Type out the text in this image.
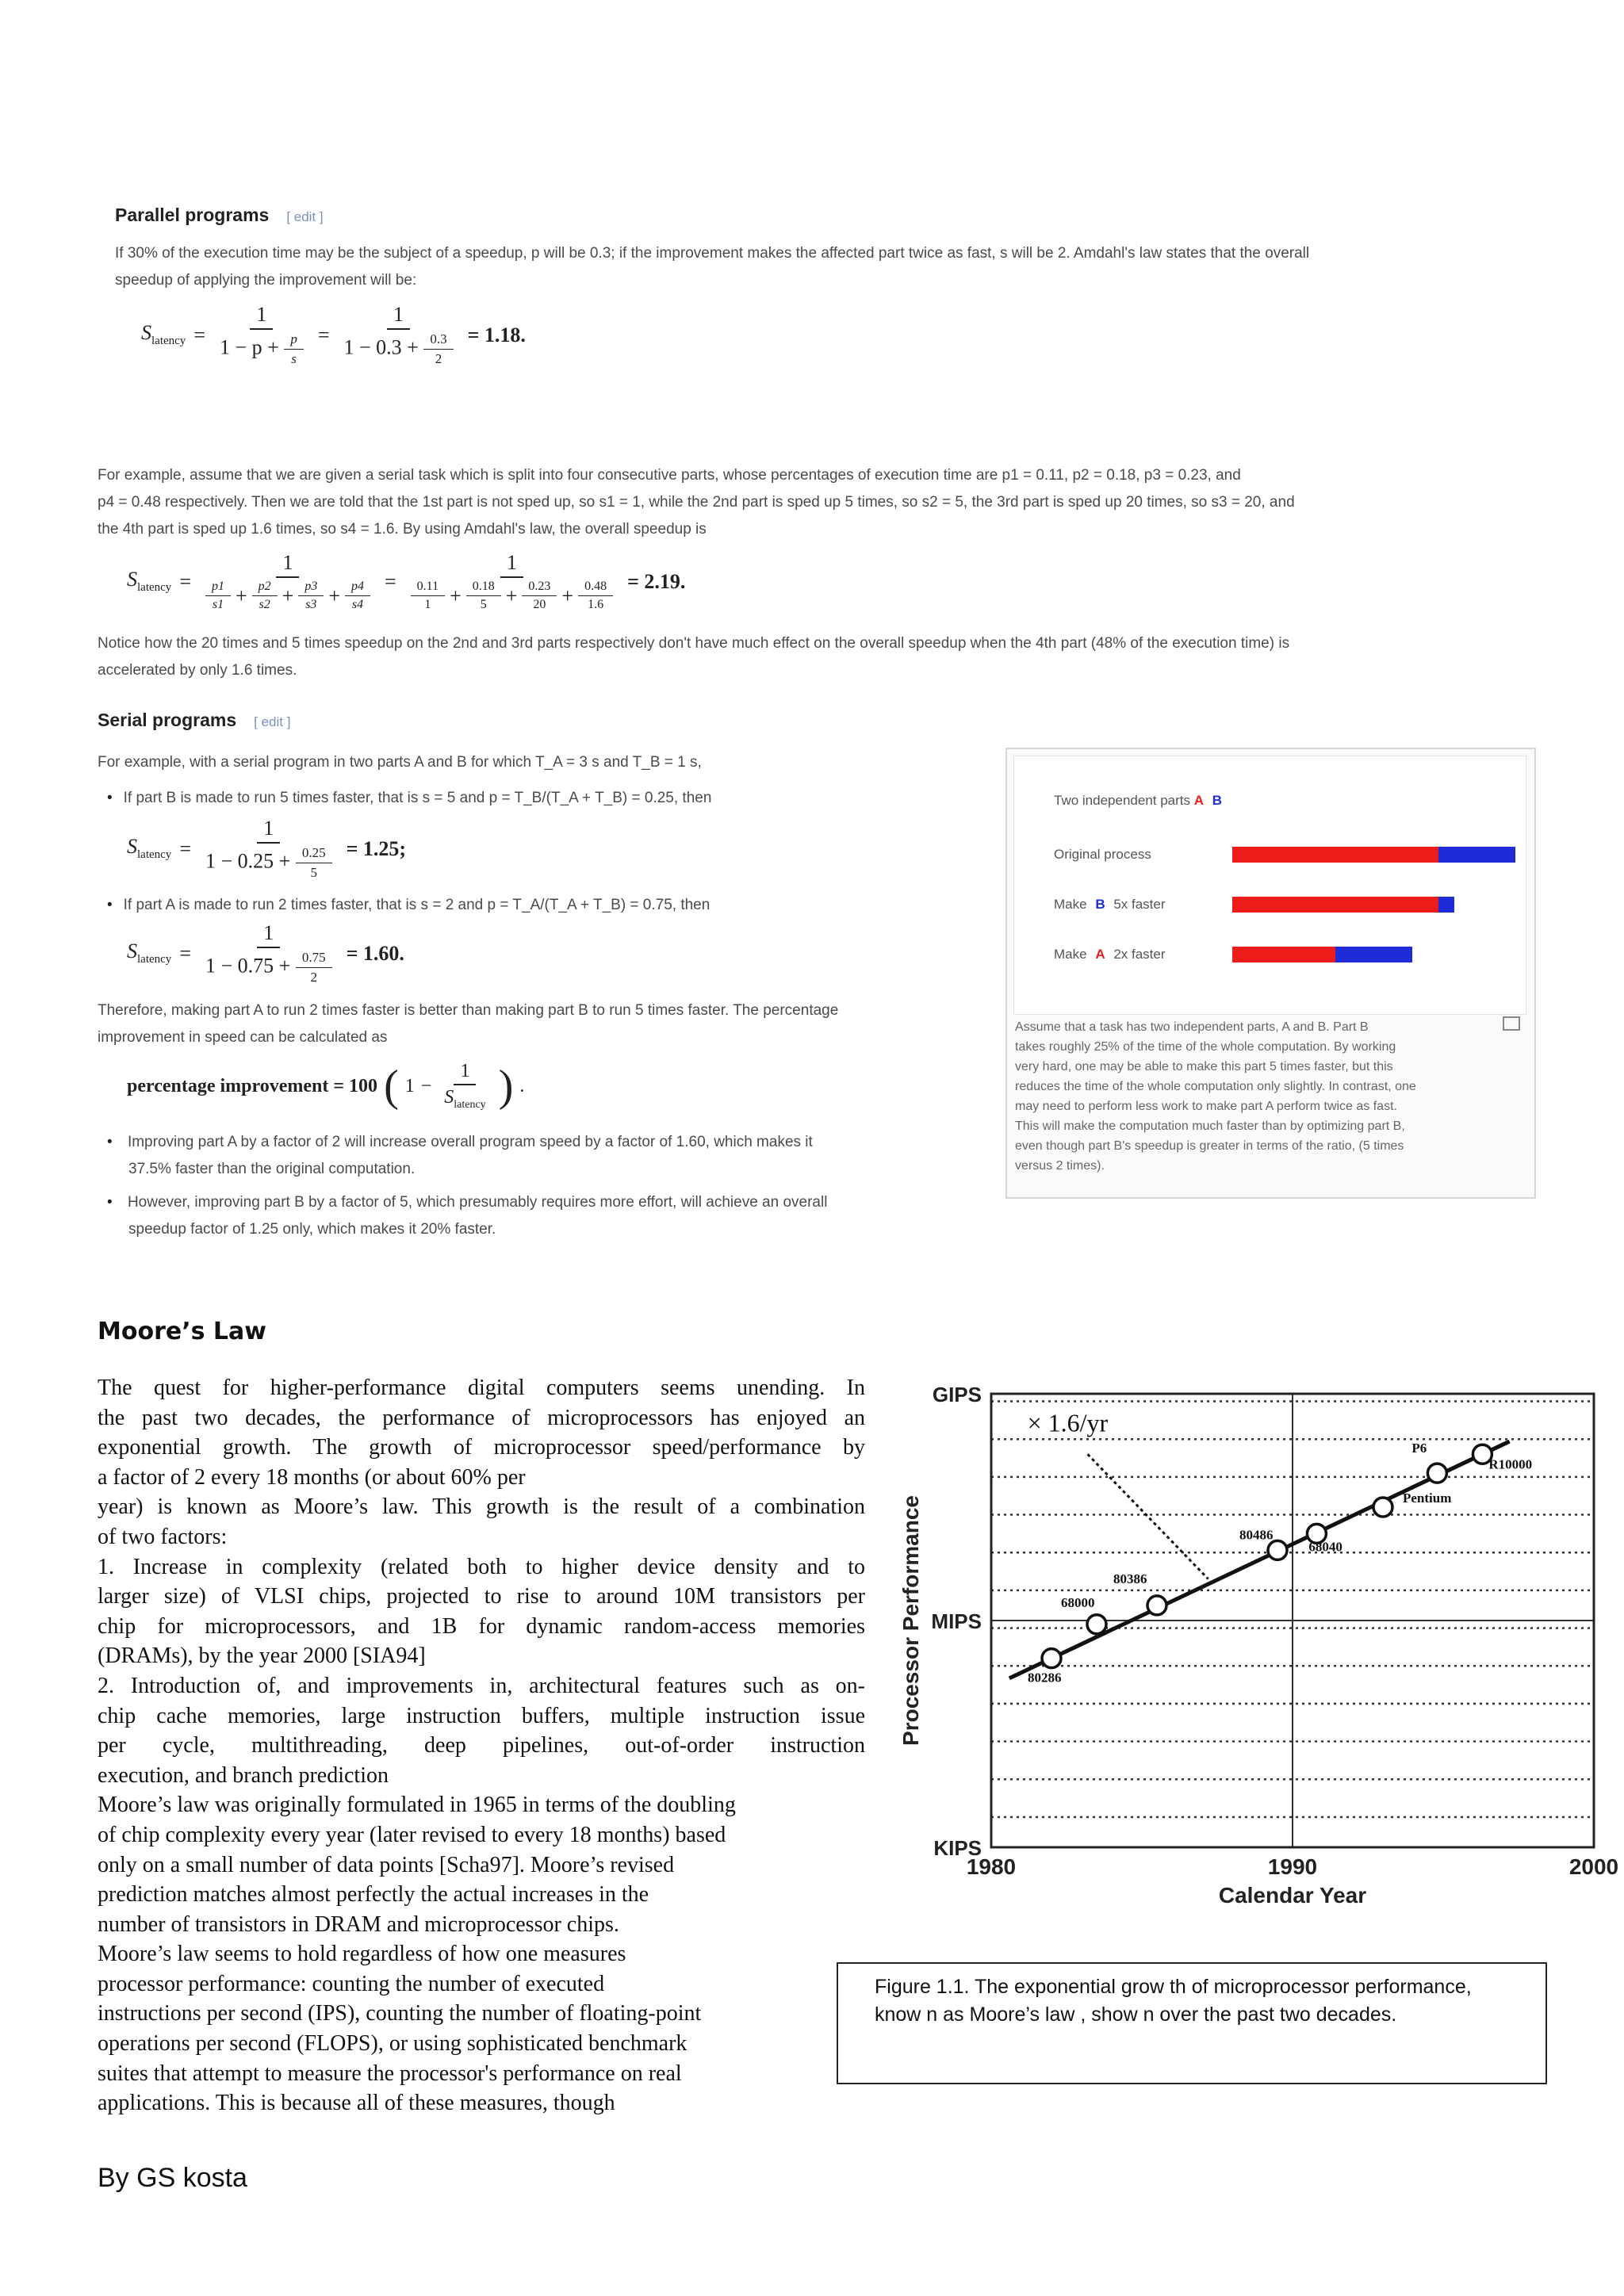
Parallel programs [ edit ]
If 30% of the execution time may be the subject of a speedup, p will be 0.3; if the improvement makes the affected part twice as fast, s will be 2. Amdahl's law states that the overall
speedup of applying the improvement will be:
$S_{latency} = \frac{1}{1 - p + \frac{p}{s}} = \frac{1}{1 - 0.3 + \frac{0.3}{2}} = 1.18$.
For example, assume that we are given a serial task which is split into four consecutive parts, whose percentages of execution time are p1 = 0.11, p2 = 0.18, p3 = 0.23, and
p4 = 0.48 respectively. Then we are told that the 1st part is not sped up, so s1 = 1, while the 2nd part is sped up 5 times, so s2 = 5, the 3rd part is sped up 20 times, so s3 = 20, and
the 4th part is sped up 1.6 times, so s4 = 1.6. By using Amdahl's law, the overall speedup is
$S_{latency} = \frac{1}{\frac{p1}{s1} + \frac{p2}{s2} + \frac{p3}{s3} + \frac{p4}{s4}} = \frac{1}{\frac{0.11}{1} + \frac{0.18}{5} + \frac{0.23}{20} + \frac{0.48}{1.6}} = 2.19$.
Notice how the 20 times and 5 times speedup on the 2nd and 3rd parts respectively don't have much effect on the overall speedup when the 4th part (48% of the execution time) is
accelerated by only 1.6 times.
Serial programs [ edit ]
For example, with a serial program in two parts A and B for which T_A = 3 s and T_B = 1 s,
• If part B is made to run 5 times faster, that is s = 5 and p = T_B/(T_A + T_B) = 0.25, then
$S_{latency} = \frac{1}{1 - 0.25 + \frac{0.25}{5}} = 1.25$;
• If part A is made to run 2 times faster, that is s = 2 and p = T_A/(T_A + T_B) = 0.75, then
$S_{latency} = \frac{1}{1 - 0.75 + \frac{0.75}{2}} = 1.60$.
Therefore, making part A to run 2 times faster is better than making part B to run 5 times faster. The percentage
improvement in speed can be calculated as
percentage improvement = 100 ( $1 - \frac{1}{S_{latency}}$ ) .
• Improving part A by a factor of 2 will increase overall program speed by a factor of 1.60, which makes it
37.5% faster than the original computation.
• However, improving part B by a factor of 5, which presumably requires more effort, will achieve an overall
speedup factor of 1.25 only, which makes it 20% faster.
Two independent parts A B
Original process
Make B 5x faster
Make A 2x faster
Assume that a task has two independent parts, A and B. Part B
takes roughly 25% of the time of the whole computation. By working
very hard, one may be able to make this part 5 times faster, but this
reduces the time of the whole computation only slightly. In contrast, one
may need to perform less work to make part A perform twice as fast.
This will make the computation much faster than by optimizing part B,
even though part B's speedup is greater in terms of the ratio, (5 times
versus 2 times).
Moore’s Law
The quest for higher-performance digital computers seems unending. In
the past two decades, the performance of microprocessors has enjoyed an
exponential growth. The growth of microprocessor speed/performance by
a factor of 2 every 18 months (or about 60% per
year) is known as Moore’s law. This growth is the result of a combination
of two factors:
1. Increase in complexity (related both to higher device density and to
larger size) of VLSI chips, projected to rise to around 10M transistors per
chip for microprocessors, and 1B for dynamic random-access memories
(DRAMs), by the year 2000 [SIA94]
2. Introduction of, and improvements in, architectural features such as on-
chip cache memories, large instruction buffers, multiple instruction issue
per cycle, multithreading, deep pipelines, out-of-order instruction
execution, and branch prediction
Moore’s law was originally formulated in 1965 in terms of the doubling
of chip complexity every year (later revised to every 18 months) based
only on a small number of data points [Scha97]. Moore’s revised
prediction matches almost perfectly the actual increases in the
number of transistors in DRAM and microprocessor chips.
Moore’s law seems to hold regardless of how one measures
processor performance: counting the number of executed
instructions per second (IPS), counting the number of floating-point
operations per second (FLOPS), or using sophisticated benchmark
suites that attempt to measure the processor's performance on real
applications. This is because all of these measures, though
KIPS
MIPS
GIPS
1980	1990	2000
Calendar Year
Processor Performance
× 1.6/yr
80286
68000
80386
80486
68040
Pentium
P6
R10000
Figure 1.1. The exponential grow th of microprocessor performance,
know n as Moore’s law , show n over the past two decades.
By GS kosta
